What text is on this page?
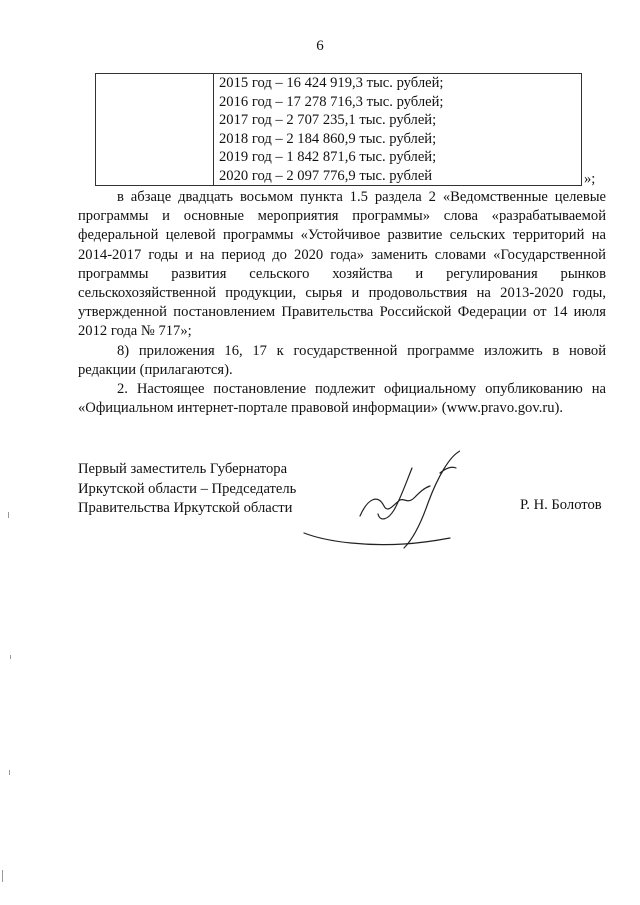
6

2015 год – 16 424 919,3 тыс. рублей;
2016 год – 17 278 716,3 тыс. рублей;
2017 год – 2 707 235,1 тыс. рублей;
2018 год – 2 184 860,9 тыс. рублей;
2019 год – 1 842 871,6 тыс. рублей;
2020 год – 2 097 776,9 тыс. рублей	»;

в абзаце двадцать восьмом пункта 1.5 раздела 2 «Ведомственные целевые программы и основные мероприятия программы» слова «разрабатываемой федеральной целевой программы «Устойчивое развитие сельских территорий на 2014-2017 годы и на период до 2020 года» заменить словами «Государственной программы развития сельского хозяйства и регулирования рынков сельскохозяйственной продукции, сырья и продовольствия на 2013-2020 годы, утвержденной постановлением Правительства Российской Федерации от 14 июля 2012 года № 717»;

8) приложения 16, 17 к государственной программе изложить в новой редакции (прилагаются).

2. Настоящее постановление подлежит официальному опубликованию на «Официальном интернет-портале правовой информации» (www.pravo.gov.ru).

Первый заместитель Губернатора
Иркутской области – Председатель
Правительства Иркутской области	Р. Н. Болотов
